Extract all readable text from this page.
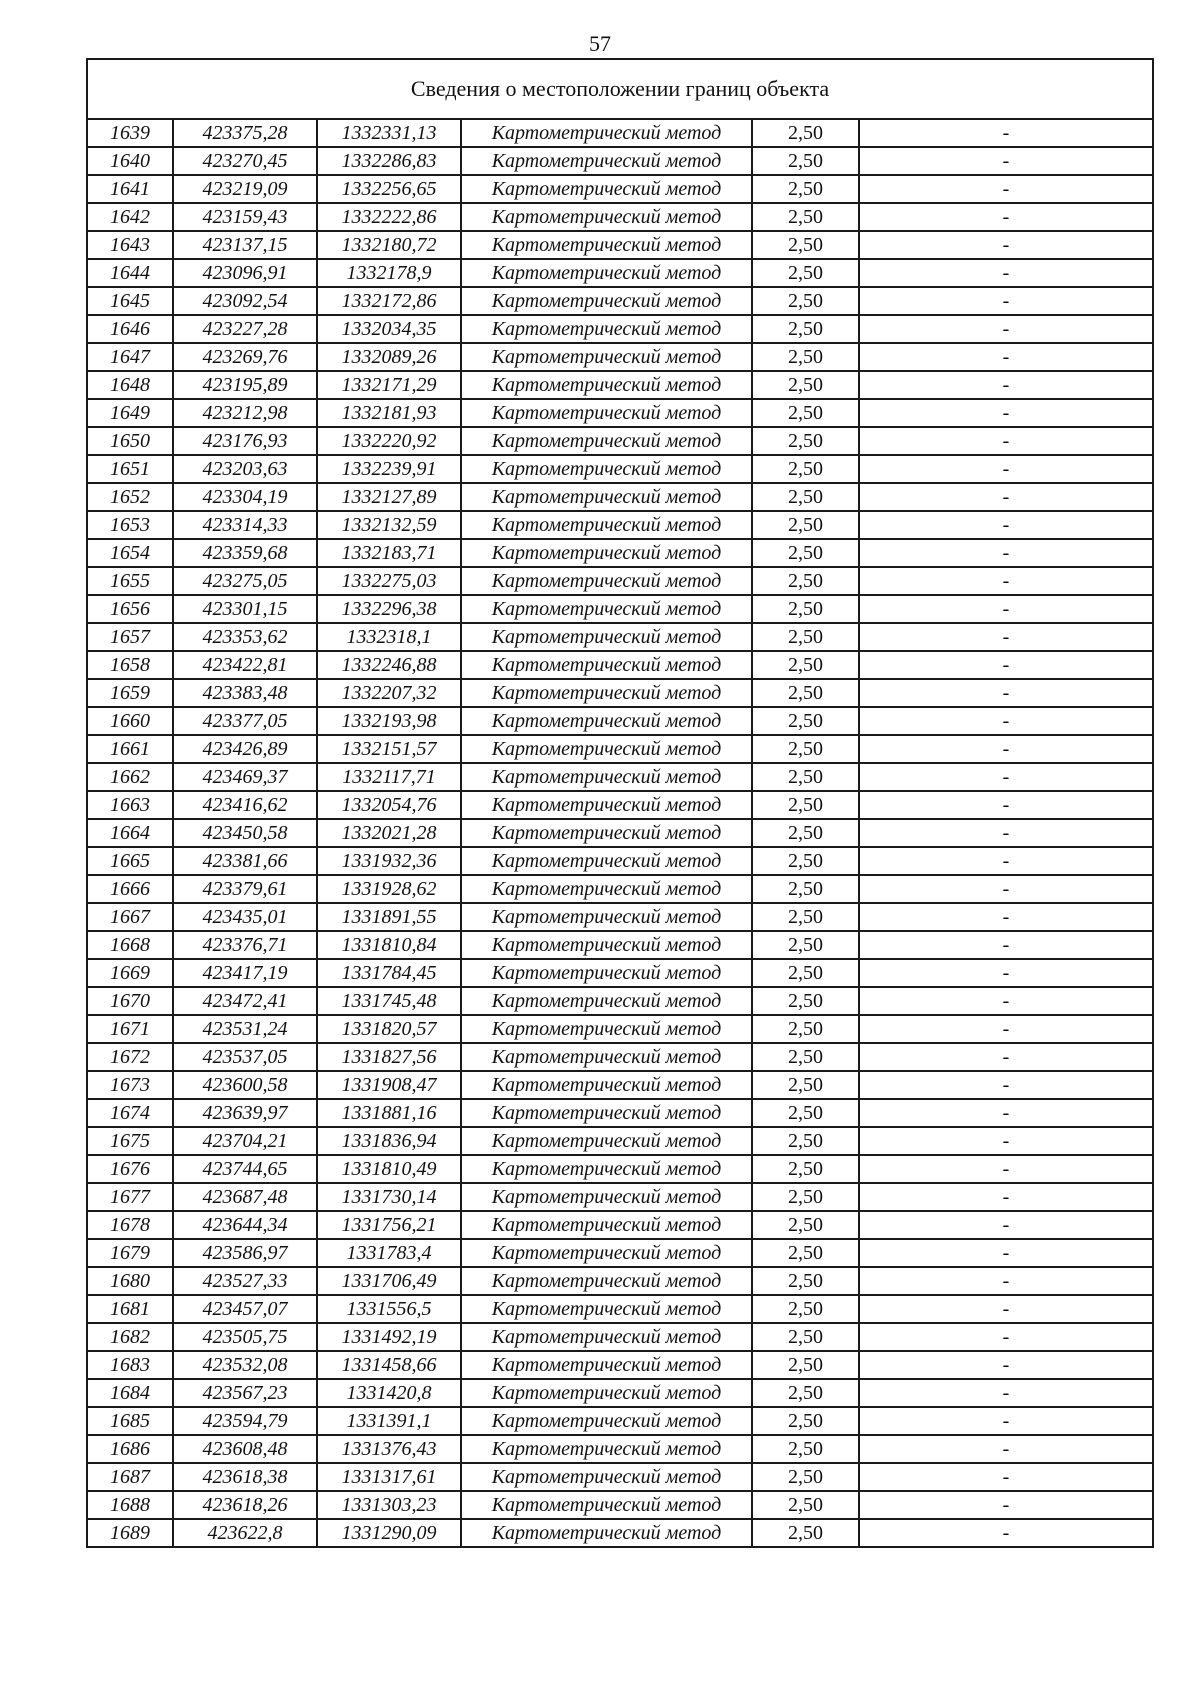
57
Сведения о местоположении границ объекта					
1639	423375,28	1332331,13	Картометрический метод	2,50	-
1640	423270,45	1332286,83	Картометрический метод	2,50	-
1641	423219,09	1332256,65	Картометрический метод	2,50	-
1642	423159,43	1332222,86	Картометрический метод	2,50	-
1643	423137,15	1332180,72	Картометрический метод	2,50	-
1644	423096,91	1332178,9	Картометрический метод	2,50	-
1645	423092,54	1332172,86	Картометрический метод	2,50	-
1646	423227,28	1332034,35	Картометрический метод	2,50	-
1647	423269,76	1332089,26	Картометрический метод	2,50	-
1648	423195,89	1332171,29	Картометрический метод	2,50	-
1649	423212,98	1332181,93	Картометрический метод	2,50	-
1650	423176,93	1332220,92	Картометрический метод	2,50	-
1651	423203,63	1332239,91	Картометрический метод	2,50	-
1652	423304,19	1332127,89	Картометрический метод	2,50	-
1653	423314,33	1332132,59	Картометрический метод	2,50	-
1654	423359,68	1332183,71	Картометрический метод	2,50	-
1655	423275,05	1332275,03	Картометрический метод	2,50	-
1656	423301,15	1332296,38	Картометрический метод	2,50	-
1657	423353,62	1332318,1	Картометрический метод	2,50	-
1658	423422,81	1332246,88	Картометрический метод	2,50	-
1659	423383,48	1332207,32	Картометрический метод	2,50	-
1660	423377,05	1332193,98	Картометрический метод	2,50	-
1661	423426,89	1332151,57	Картометрический метод	2,50	-
1662	423469,37	1332117,71	Картометрический метод	2,50	-
1663	423416,62	1332054,76	Картометрический метод	2,50	-
1664	423450,58	1332021,28	Картометрический метод	2,50	-
1665	423381,66	1331932,36	Картометрический метод	2,50	-
1666	423379,61	1331928,62	Картометрический метод	2,50	-
1667	423435,01	1331891,55	Картометрический метод	2,50	-
1668	423376,71	1331810,84	Картометрический метод	2,50	-
1669	423417,19	1331784,45	Картометрический метод	2,50	-
1670	423472,41	1331745,48	Картометрический метод	2,50	-
1671	423531,24	1331820,57	Картометрический метод	2,50	-
1672	423537,05	1331827,56	Картометрический метод	2,50	-
1673	423600,58	1331908,47	Картометрический метод	2,50	-
1674	423639,97	1331881,16	Картометрический метод	2,50	-
1675	423704,21	1331836,94	Картометрический метод	2,50	-
1676	423744,65	1331810,49	Картометрический метод	2,50	-
1677	423687,48	1331730,14	Картометрический метод	2,50	-
1678	423644,34	1331756,21	Картометрический метод	2,50	-
1679	423586,97	1331783,4	Картометрический метод	2,50	-
1680	423527,33	1331706,49	Картометрический метод	2,50	-
1681	423457,07	1331556,5	Картометрический метод	2,50	-
1682	423505,75	1331492,19	Картометрический метод	2,50	-
1683	423532,08	1331458,66	Картометрический метод	2,50	-
1684	423567,23	1331420,8	Картометрический метод	2,50	-
1685	423594,79	1331391,1	Картометрический метод	2,50	-
1686	423608,48	1331376,43	Картометрический метод	2,50	-
1687	423618,38	1331317,61	Картометрический метод	2,50	-
1688	423618,26	1331303,23	Картометрический метод	2,50	-
1689	423622,8	1331290,09	Картометрический метод	2,50	-
